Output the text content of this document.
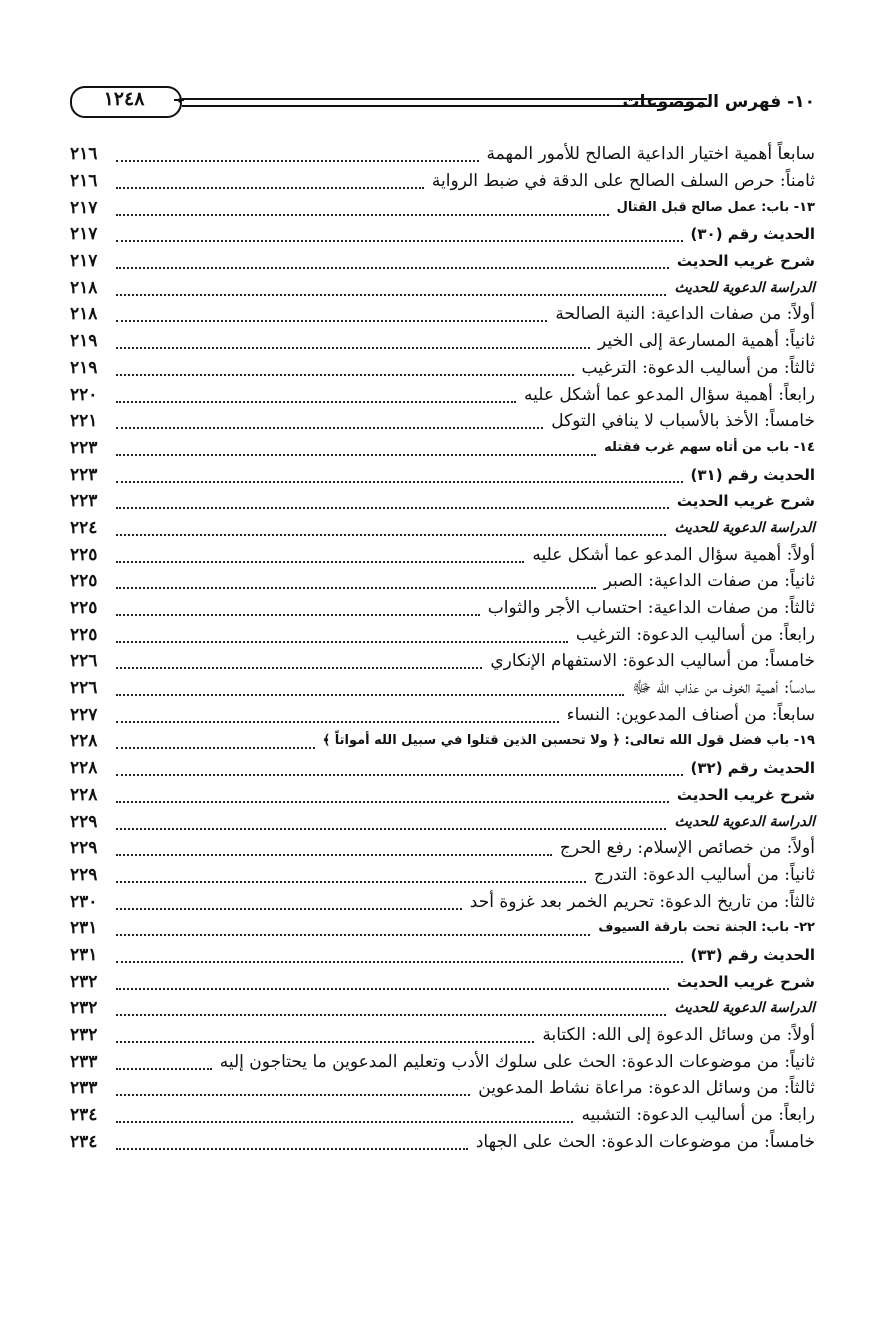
١٠- فهرس الموضوعات
١٢٤٨
سابعاً أهمية اختيار الداعية الصالح للأمور المهمة
٢١٦
ثامناً: حرص السلف الصالح على الدقة في ضبط الرواية
٢١٦
١٣- باب: عمل صالح قبل القتال
٢١٧
الحديث رقم (٣٠)
٢١٧
شرح غريب الحديث
٢١٧
الدراسة الدعوية للحديث
٢١٨
أولاً: من صفات الداعية: النية الصالحة
٢١٨
ثانياً: أهمية المسارعة إلى الخير
٢١٩
ثالثاً: من أساليب الدعوة: الترغيب
٢١٩
رابعاً: أهمية سؤال المدعو عما أشكل عليه
٢٢٠
خامساً: الأخذ بالأسباب لا ينافي التوكل
٢٢١
١٤- باب من أتاه سهم غرب فقتله
٢٢٣
الحديث رقم (٣١)
٢٢٣
شرح غريب الحديث
٢٢٣
الدراسة الدعوية للحديث
٢٢٤
أولاً: أهمية سؤال المدعو عما أشكل عليه
٢٢٥
ثانياً: من صفات الداعية: الصبر
٢٢٥
ثالثاً: من صفات الداعية: احتساب الأجر والثواب
٢٢٥
رابعاً: من أساليب الدعوة: الترغيب
٢٢٥
خامساً: من أساليب الدعوة: الاستفهام الإنكاري
٢٢٦
سادساً: أهمية الخوف من عذاب الله ﷻ
٢٢٦
سابعاً: من أصناف المدعوين: النساء
٢٢٧
١٩- باب فضل قول الله تعالى: ﴿ ولا تحسبن الذين قتلوا في سبيل الله أمواتاً ﴾
٢٢٨
الحديث رقم (٣٢)
٢٢٨
شرح غريب الحديث
٢٢٨
الدراسة الدعوية للحديث
٢٢٩
أولاً: من خصائص الإسلام: رفع الحرج
٢٢٩
ثانياً: من أساليب الدعوة: التدرج
٢٢٩
ثالثاً: من تاريخ الدعوة: تحريم الخمر بعد غزوة أحد
٢٣٠
٢٢- باب: الجنة تحت بارقة السيوف
٢٣١
الحديث رقم (٣٣)
٢٣١
شرح غريب الحديث
٢٣٢
الدراسة الدعوية للحديث
٢٣٢
أولاً: من وسائل الدعوة إلى الله: الكتابة
٢٣٢
ثانياً: من موضوعات الدعوة: الحث على سلوك الأدب وتعليم المدعوين ما يحتاجون إليه
٢٣٣
ثالثاً: من وسائل الدعوة: مراعاة نشاط المدعوين
٢٣٣
رابعاً: من أساليب الدعوة: التشبيه
٢٣٤
خامساً: من موضوعات الدعوة: الحث على الجهاد
٢٣٤
